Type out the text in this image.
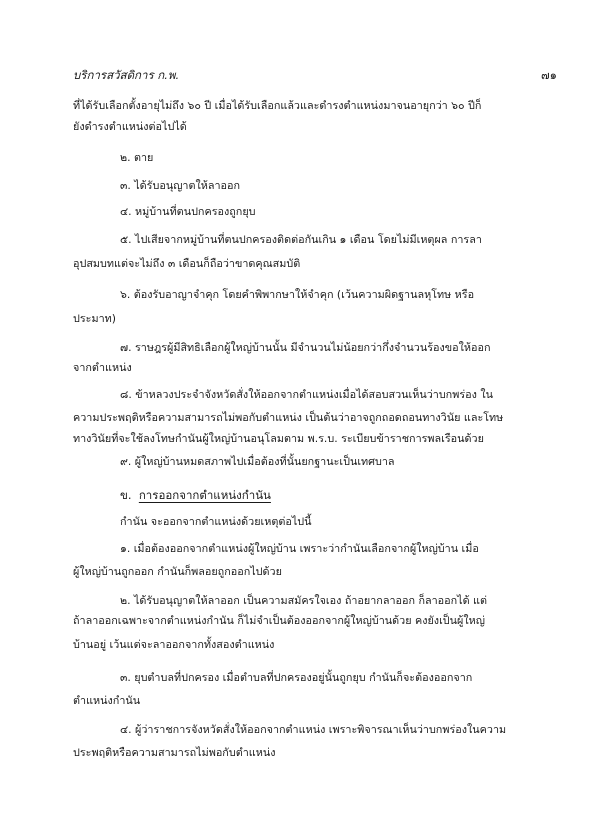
บริการสวัสดิการ ก.พ.	๗๑
ที่ได้รับเลือกตั้งอายุไม่ถึง ๖๐ ปี เมื่อได้รับเลือกแล้วและดำรงตำแหน่งมาจนอายุกว่า ๖๐ ปีก็
ยังดำรงตำแหน่งต่อไปได้
๒. ตาย
๓. ได้รับอนุญาตให้ลาออก
๔. หมู่บ้านที่ตนปกครองถูกยุบ
๕. ไปเสียจากหมู่บ้านที่ตนปกครองติดต่อกันเกิน ๑ เดือน โดยไม่มีเหตุผล การลา
อุปสมบทแต่จะไม่ถึง ๓ เดือนก็ถือว่าขาดคุณสมบัติ
๖. ต้องรับอาญาจำคุก โดยคำพิพากษาให้จำคุก (เว้นความผิดฐานลหุโทษ หรือ
ประมาท)
๗. ราษฎรผู้มีสิทธิเลือกผู้ใหญ่บ้านนั้น มีจำนวนไม่น้อยกว่ากึ่งจำนวนร้องขอให้ออก
จากตำแหน่ง
๘. ข้าหลวงประจำจังหวัดสั่งให้ออกจากตำแหน่งเมื่อได้สอบสวนเห็นว่าบกพร่อง ใน
ความประพฤติหรือความสามารถไม่พอกับตำแหน่ง เป็นต้นว่าอาจถูกถอดถอนทางวินัย และโทษ
ทางวินัยที่จะใช้ลงโทษกำนันผู้ใหญ่บ้านอนุโลมตาม พ.ร.บ. ระเบียบข้าราชการพลเรือนด้วย
๙. ผู้ใหญ่บ้านหมดสภาพไปเมื่อต้องที่นั้นยกฐานะเป็นเทศบาล
ข. การออกจากตำแหน่งกำนัน
กำนัน จะออกจากตำแหน่งด้วยเหตุต่อไปนี้
๑. เมื่อต้องออกจากตำแหน่งผู้ใหญ่บ้าน เพราะว่ากำนันเลือกจากผู้ใหญ่บ้าน เมื่อ
ผู้ใหญ่บ้านถูกออก กำนันก็พลอยถูกออกไปด้วย
๒. ได้รับอนุญาตให้ลาออก เป็นความสมัครใจเอง ถ้าอยากลาออก ก็ลาออกได้ แต่
ถ้าลาออกเฉพาะจากตำแหน่งกำนัน ก็ไม่จำเป็นต้องออกจากผู้ใหญ่บ้านด้วย คงยังเป็นผู้ใหญ่
บ้านอยู่ เว้นแต่จะลาออกจากทั้งสองตำแหน่ง
๓. ยุบตำบลที่ปกครอง เมื่อตำบลที่ปกครองอยู่นั้นถูกยุบ กำนันก็จะต้องออกจาก
ตำแหน่งกำนัน
๔. ผู้ว่าราชการจังหวัดสั่งให้ออกจากตำแหน่ง เพราะพิจารณาเห็นว่าบกพร่องในความ
ประพฤติหรือความสามารถไม่พอกับตำแหน่ง
